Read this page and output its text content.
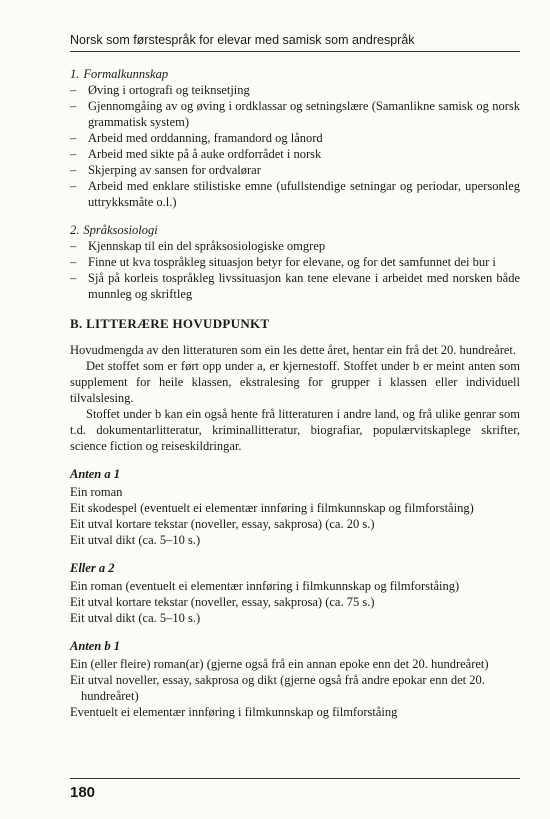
Norsk som førstespråk for elevar med samisk som andrespråk
1. Formalkunnskap
– Øving i ortografi og teiknsetjing
– Gjennomgåing av og øving i ordklassar og setningslære (Samanlikne samisk og norsk grammatisk system)
– Arbeid med orddanning, framandord og lånord
– Arbeid med sikte på å auke ordforrådet i norsk
– Skjerping av sansen for ordvalørar
– Arbeid med enklare stilistiske emne (ufullstendige setningar og periodar, upersonleg uttrykksmåte o.l.)
2. Språksosiologi
– Kjennskap til ein del språksosiologiske omgrep
– Finne ut kva tospråkleg situasjon betyr for elevane, og for det samfunnet dei bur i
– Sjå på korleis tospråkleg livssituasjon kan tene elevane i arbeidet med norsken både munnleg og skriftleg
B. LITTERÆRE HOVUDPUNKT

Hovudmengda av den litteraturen som ein les dette året, hentar ein frå det 20. hundreåret.

Det stoffet som er ført opp under a, er kjernestoff. Stoffet under b er meint anten som supplement for heile klassen, ekstralesing for grupper i klassen eller individuell tilvalslesing.

Stoffet under b kan ein også hente frå litteraturen i andre land, og frå ulike genrar som t.d. dokumentarlitteratur, kriminallitteratur, biografiar, populærvitskaplege skrifter, science fiction og reiseskildringar.

Anten a 1
Ein roman
Eit skodespel (eventuelt ei elementær innføring i filmkunnskap og filmforståing)
Eit utval kortare tekstar (noveller, essay, sakprosa) (ca. 20 s.)
Eit utval dikt (ca. 5–10 s.)
Eller a 2
Ein roman (eventuelt ei elementær innføring i filmkunnskap og filmforståing)
Eit utval kortare tekstar (noveller, essay, sakprosa) (ca. 75 s.)
Eit utval dikt (ca. 5–10 s.)
Anten b 1
Ein (eller fleire) roman(ar) (gjerne også frå ein annan epoke enn det 20. hundreåret)
Eit utval noveller, essay, sakprosa og dikt (gjerne også frå andre epokar enn det 20. hundreåret)
Eventuelt ei elementær innføring i filmkunnskap og filmforståing
180
